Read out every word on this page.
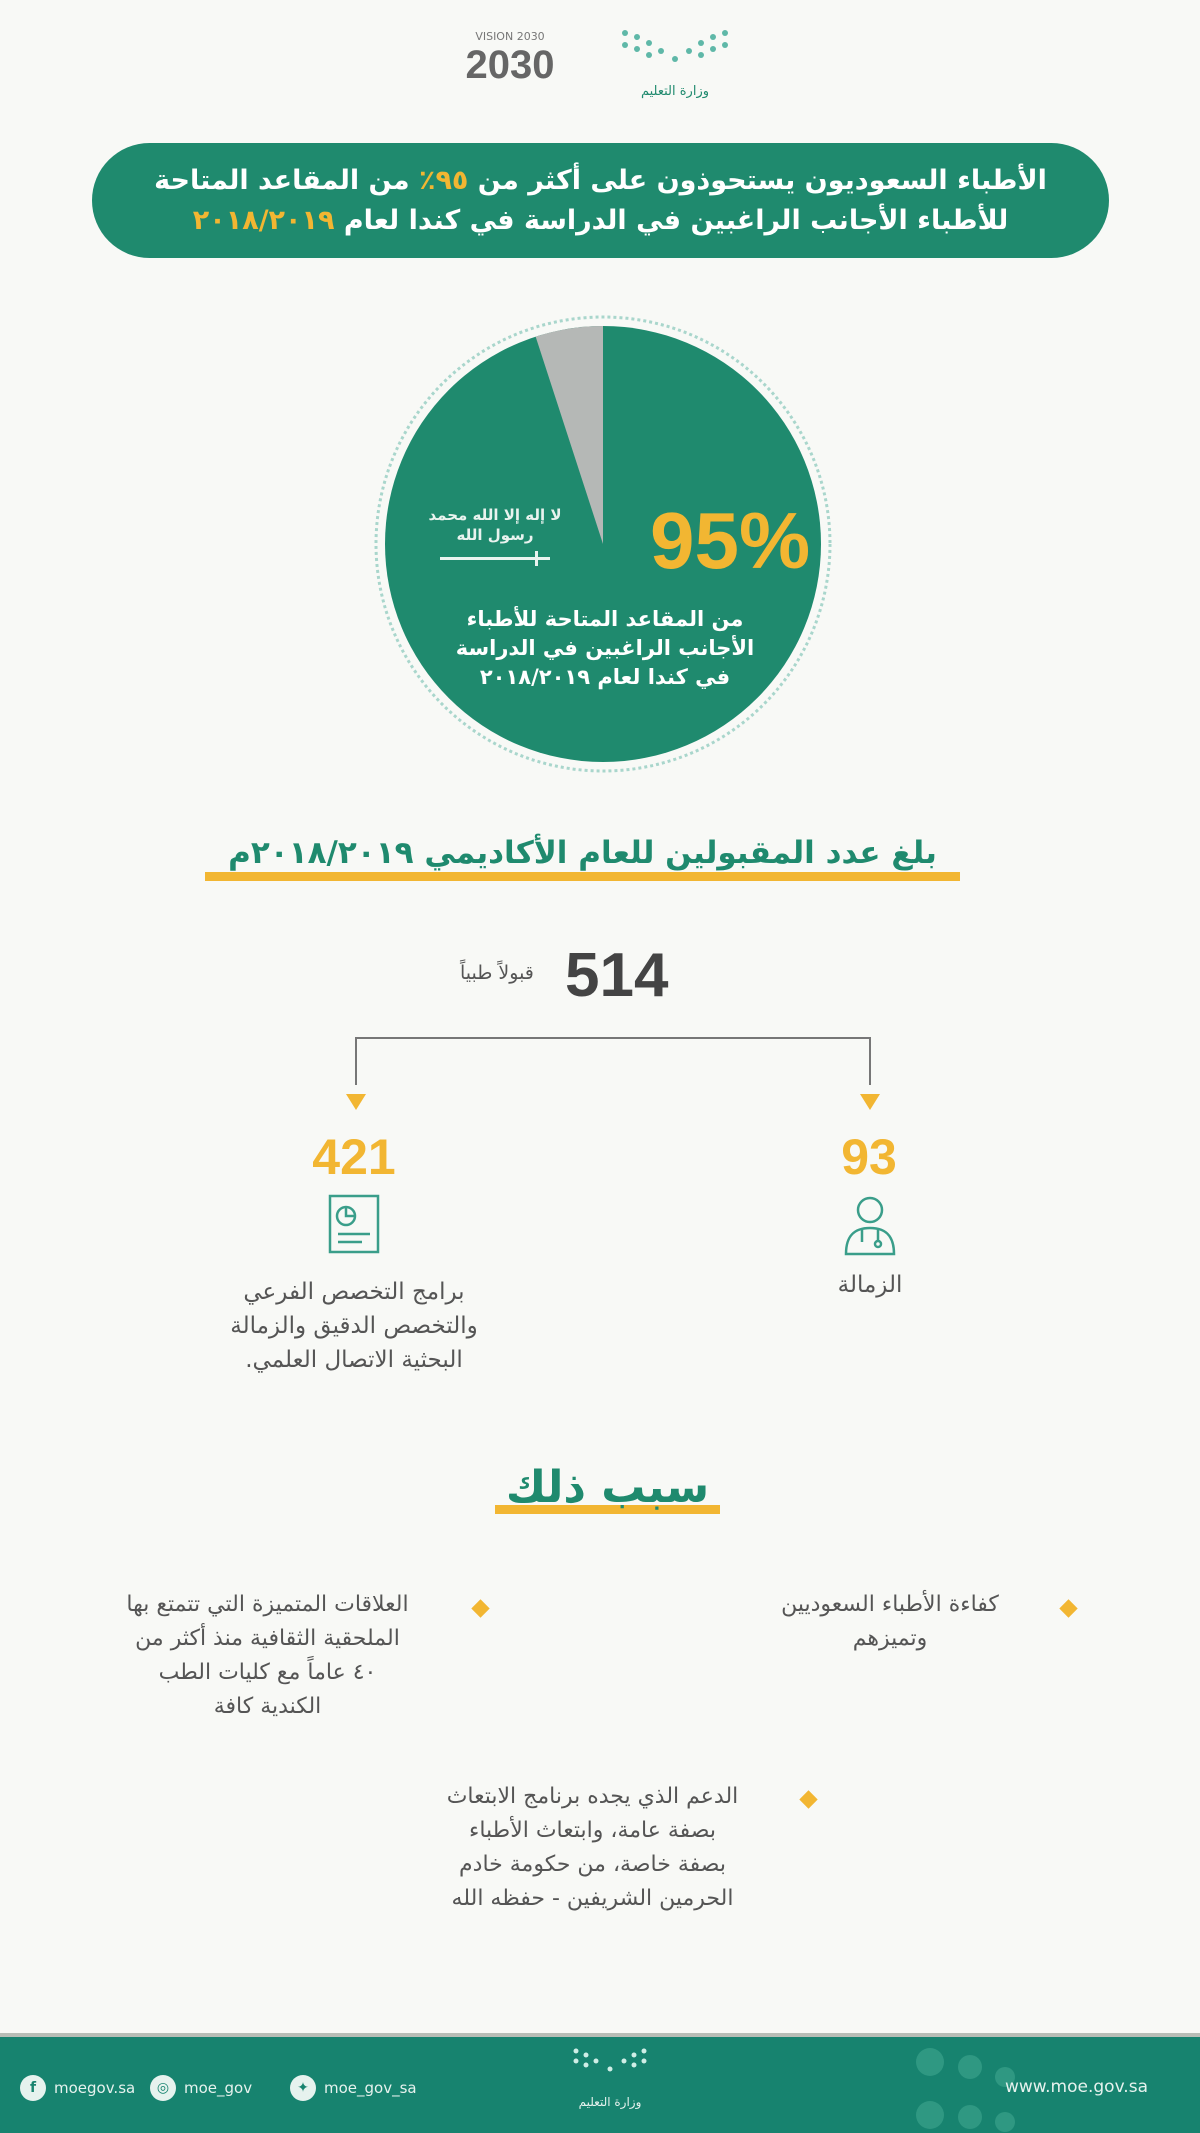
VISION 2030
2030
وزارة التعليم
الأطباء السعوديون يستحوذون على أكثر من ٩٥٪ من المقاعد المتاحة
للأطباء الأجانب الراغبين في الدراسة في كندا لعام ٢٠١٨/٢٠١٩
لا إله إلا الله محمد رسول الله	95%
من المقاعد المتاحة للأطباء
الأجانب الراغبين في الدراسة
في كندا لعام ٢٠١٨/٢٠١٩
بلغ عدد المقبولين للعام الأكاديمي ٢٠١٨/٢٠١٩م
514
قبولاً طبياً
93
421
الزمالة
برامج التخصص الفرعي
والتخصص الدقيق والزمالة
البحثية الاتصال العلمي.
سبب ذلك
كفاءة الأطباء السعوديين
وتميزهم
العلاقات المتميزة التي تتمتع بها
الملحقية الثقافية منذ أكثر من
٤٠ عاماً مع كليات الطب
الكندية كافة
الدعم الذي يجده برنامج الابتعاث
بصفة عامة، وابتعاث الأطباء
بصفة خاصة، من حكومة خادم
الحرمين الشريفين - حفظه الله
f	moegov.sa	◎ moe_gov	✦	moe_gov_sa
وزارة التعليم
www.moe.gov.sa
